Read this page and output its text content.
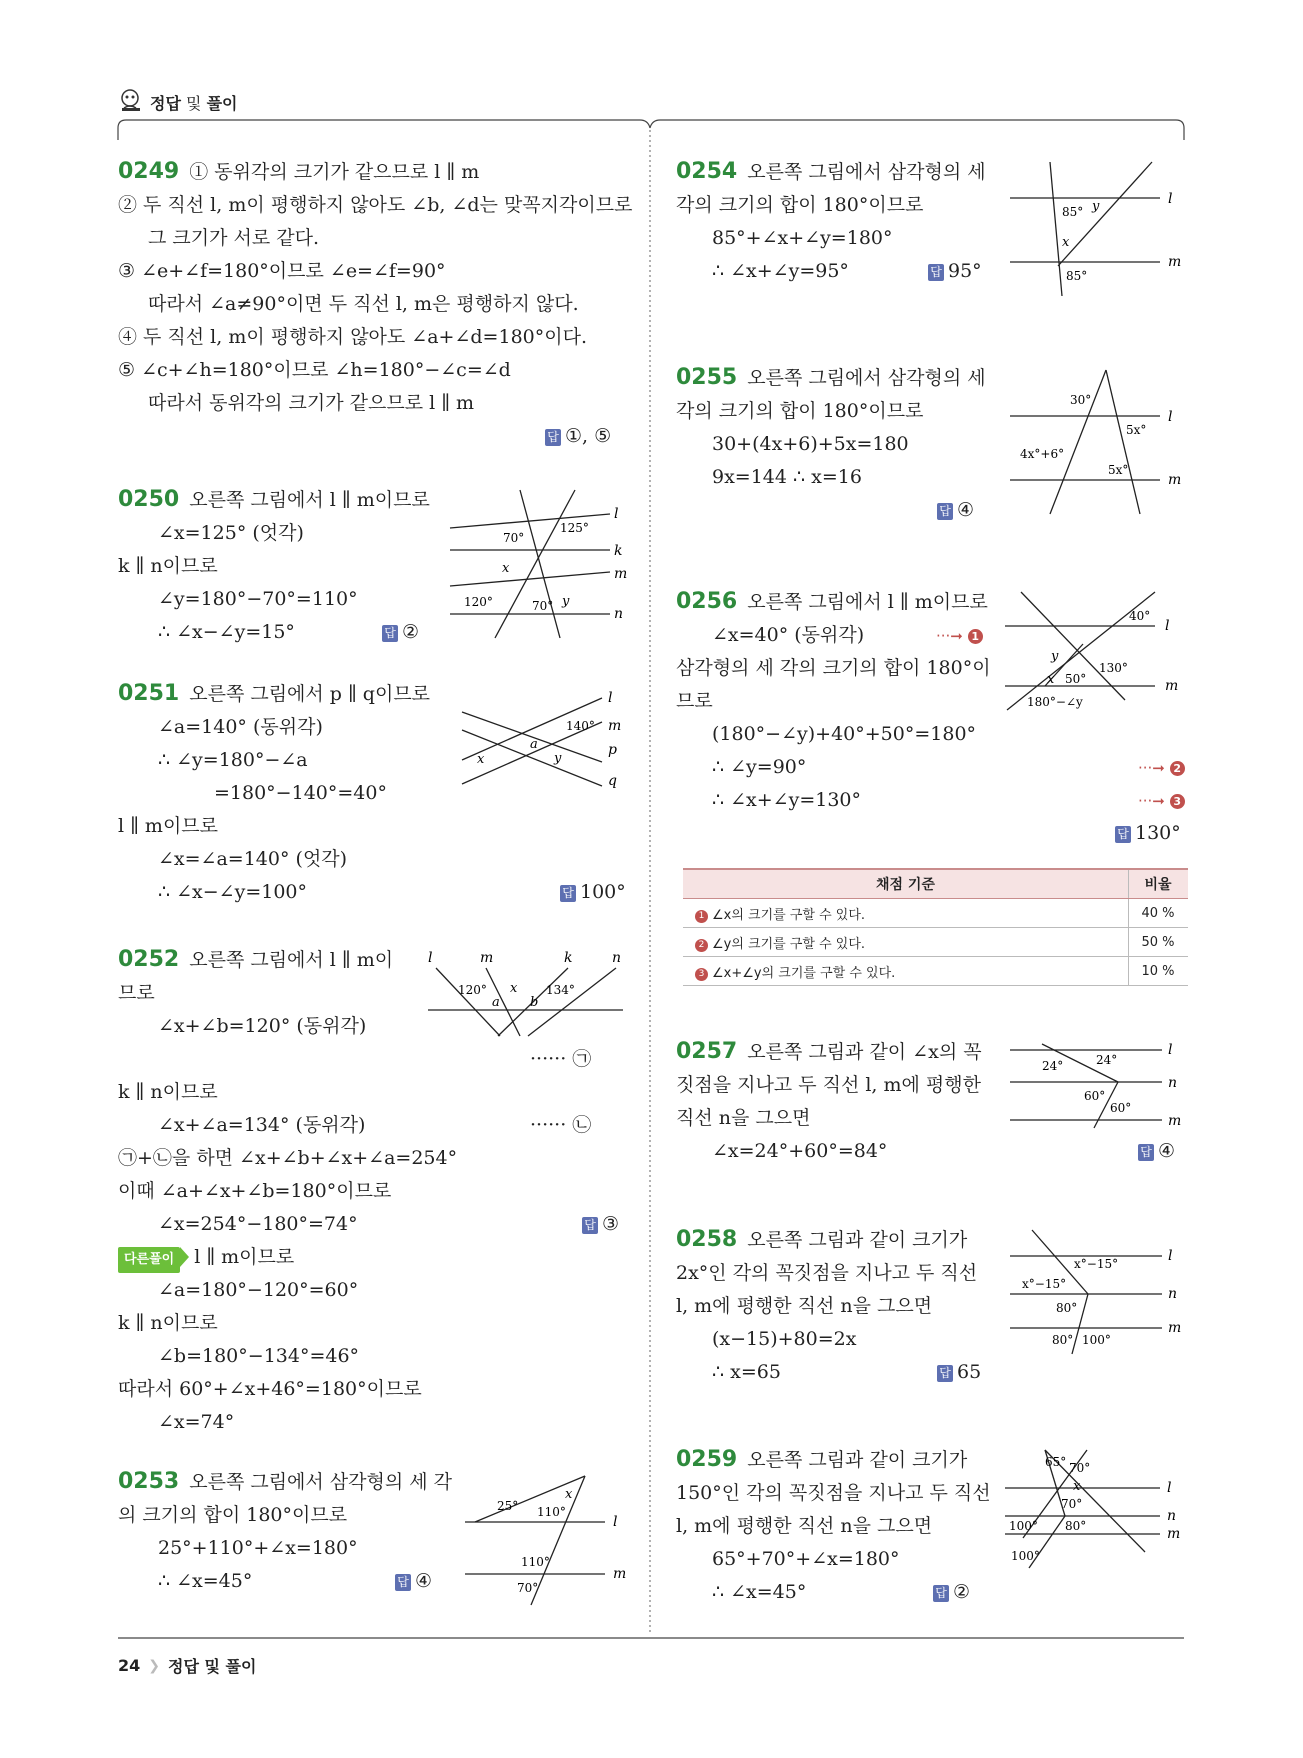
정답 및 풀이
0249 ① 동위각의 크기가 같으므로 l ∥ m
② 두 직선 l, m이 평행하지 않아도 ∠b, ∠d는 맞꼭지각이므로
그 크기가 서로 같다.
③ ∠e+∠f=180°이므로 ∠e=∠f=90°
따라서 ∠a≠90°이면 두 직선 l, m은 평행하지 않다.
④ 두 직선 l, m이 평행하지 않아도 ∠a+∠d=180°이다.
⑤ ∠c+∠h=180°이므로 ∠h=180°−∠c=∠d
따라서 동위각의 크기가 같으므로 l ∥ m
답 ①, ⑤
0250 오른쪽 그림에서 l ∥ m이므로
∠x=125° (엇각)
k ∥ n이므로
∠y=180°−70°=110°
∴ ∠x−∠y=15°	답 ②
l
k
m
n
70°
125°
x
120°	70° y
0251 오른쪽 그림에서 p ∥ q이므로
∠a=140° (동위각)
∴ ∠y=180°−∠a
=180°−140°=40°
l ∥ m이므로
∠x=∠a=140° (엇각)
∴ ∠x−∠y=100°	답 100°
l
m
p
q
140°
a
x	y
0252 오른쪽 그림에서 l ∥ m이
므로
∠x+∠b=120° (동위각)
······ ㉠
k ∥ n이므로
∠x+∠a=134° (동위각)	······ ㉡
㉠+㉡을 하면 ∠x+∠b+∠x+∠a=254°
이때 ∠a+∠x+∠b=180°이므로
∠x=254°−180°=74°	답 ③
다른풀이 l ∥ m이므로
∠a=180°−120°=60°
k ∥ n이므로
∠b=180°−134°=46°
따라서 60°+∠x+46°=180°이므로
∠x=74°
l	m	k	n
120° x 134°
a b
0253 오른쪽 그림에서 삼각형의 세 각
의 크기의 합이 180°이므로
25°+110°+∠x=180°
∴ ∠x=45°	답 ④
l
m
25° 110°
x
110°
70°
0254 오른쪽 그림에서 삼각형의 세
각의 크기의 합이 180°이므로
85°+∠x+∠y=180°
∴ ∠x+∠y=95°	답 95°
l
m
85° y
x
85°
0255 오른쪽 그림에서 삼각형의 세
각의 크기의 합이 180°이므로
30+(4x+6)+5x=180
9x=144 ∴ x=16
답 ④
l
m
30°
5x°
4x°+6°
5x°
0256 오른쪽 그림에서 l ∥ m이므로
∠x=40° (동위각)	···➞ 1
삼각형의 세 각의 크기의 합이 180°이
므로
(180°−∠y)+40°+50°=180°
∴ ∠y=90°	···➞ 2
∴ ∠x+∠y=130°	···➞ 3
답 130°
l
m
40°
y
130°
x 50°
180°−∠y
채점 기준	비율
1 ∠x의 크기를 구할 수 있다.	40 %
2 ∠y의 크기를 구할 수 있다.	50 %
3 ∠x+∠y의 크기를 구할 수 있다.	10 %
0257 오른쪽 그림과 같이 ∠x의 꼭
짓점을 지나고 두 직선 l, m에 평행한
직선 n을 그으면
∠x=24°+60°=84°	답 ④
l
n
m
24°	24°
60°
60°
0258 오른쪽 그림과 같이 크기가
2x°인 각의 꼭짓점을 지나고 두 직선
l, m에 평행한 직선 n을 그으면
(x−15)+80=2x
∴ x=65	답 65
l
n
m
x°−15°
x°−15°
80°
80° 100°
0259 오른쪽 그림과 같이 크기가
150°인 각의 꼭짓점을 지나고 두 직선
l, m에 평행한 직선 n을 그으면
65°+70°+∠x=180°
∴ ∠x=45°	답 ②
l
n
m
65° 70°
x
70°
80°
100°
100°
24 ❯ 정답 및 풀이
